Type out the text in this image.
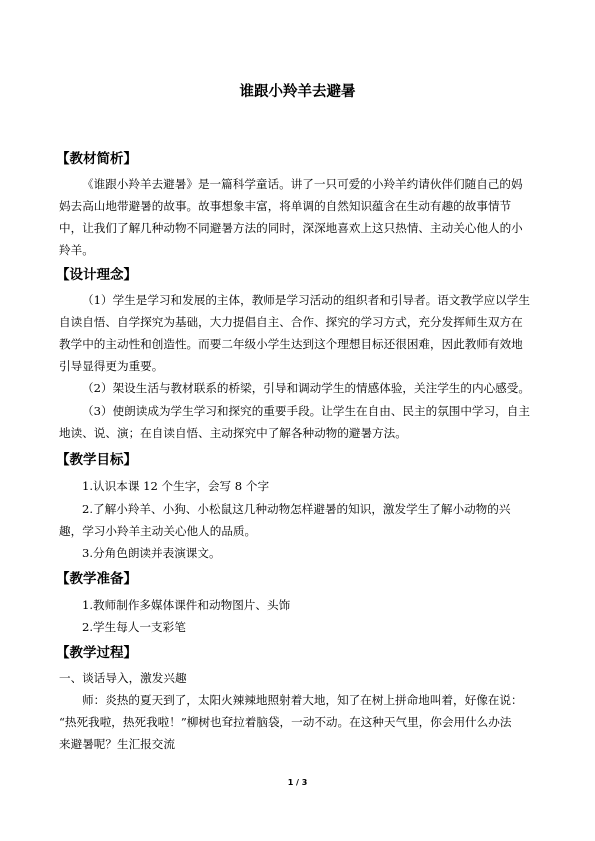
谁跟小羚羊去避暑
【教材简析】
《谁跟小羚羊去避暑》是一篇科学童话。讲了一只可爱的小羚羊约请伙伴们随自己的妈
妈去高山地带避暑的故事。故事想象丰富，将单调的自然知识蕴含在生动有趣的故事情节
中，让我们了解几种动物不同避暑方法的同时，深深地喜欢上这只热情、主动关心他人的小
羚羊。
【设计理念】
（1）学生是学习和发展的主体，教师是学习活动的组织者和引导者。语文教学应以学生
自读自悟、自学探究为基础，大力提倡自主、合作、探究的学习方式，充分发挥师生双方在
教学中的主动性和创造性。而要二年级小学生达到这个理想目标还很困难，因此教师有效地
引导显得更为重要。
（2）架设生活与教材联系的桥梁，引导和调动学生的情感体验，关注学生的内心感受。
（3）使朗读成为学生学习和探究的重要手段。让学生在自由、民主的氛围中学习，自主
地读、说、演；在自读自悟、主动探究中了解各种动物的避暑方法。
【教学目标】
1.认识本课 12 个生字，会写 8 个字
2.了解小羚羊、小狗、小松鼠这几种动物怎样避暑的知识，激发学生了解小动物的兴
趣，学习小羚羊主动关心他人的品质。
3.分角色朗读并表演课文。
【教学准备】
1.教师制作多媒体课件和动物图片、头饰
2.学生每人一支彩笔
【教学过程】
一、谈话导入，激发兴趣
师：炎热的夏天到了，太阳火辣辣地照射着大地，知了在树上拼命地叫着，好像在说：
“热死我啦，热死我啦！”柳树也耷拉着脑袋，一动不动。在这种天气里，你会用什么办法
来避暑呢？生汇报交流
1 / 3
